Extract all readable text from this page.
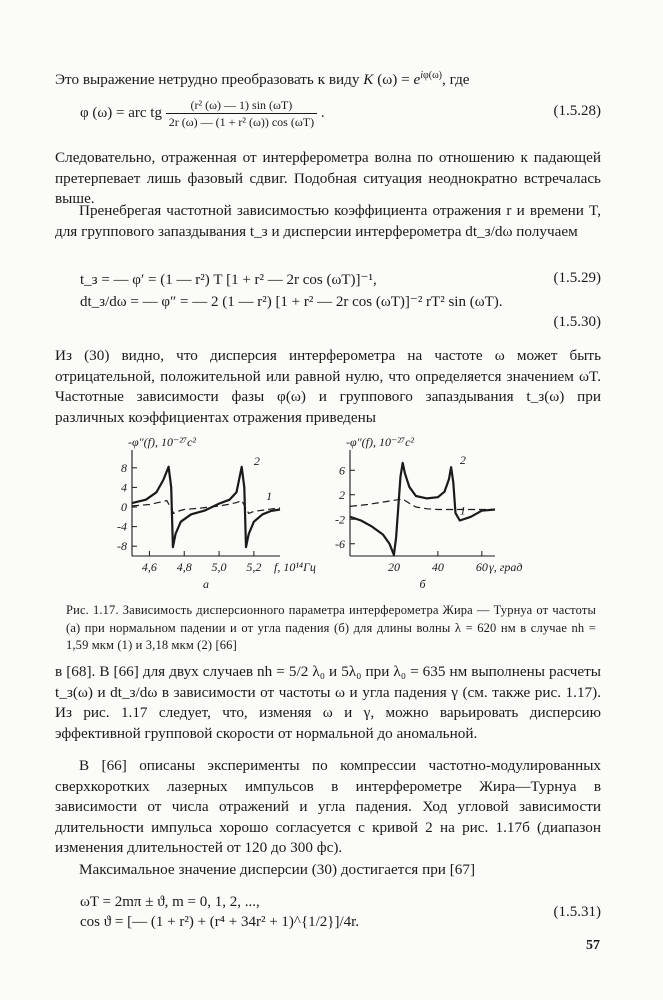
Это выражение нетрудно преобразовать к виду K $(\omega) = e^{i\varphi(\omega)}$, где
φ (ω) = arc tg $\frac{\text{(r² (ω) — 1) sin (ωT)}}{\text{2r (ω) — (1 + r² (ω)) cos (ωT)}}$ .	(1.5.28)
Следовательно, отраженная от интерферометра волна по отношению к падающей претерпевает лишь фазовый сдвиг. Подобная ситуация неоднократно встречалась выше.
Пренебрегая частотной зависимостью коэффициента отражения r и времени T, для группового запаздывания t_з и дисперсии интерферометра dt_з/dω получаем
t_з = — φ′ = (1 — r²) T [1 + r² — 2r cos (ωT)]⁻¹,	(1.5.29)
dt_з/dω = — φ″ = — 2 (1 — r²) [1 + r² — 2r cos (ωT)]⁻² rT² sin (ωT).
(1.5.30)
Из (30) видно, что дисперсия интерферометра на частоте ω может быть отрицательной, положительной или равной нулю, что определяется значением ωT. Частотные зависимости фазы φ(ω) и группового запаздывания t_з(ω) при различных коэффициентах отражения приведены
-φ″(f), 10⁻²⁷c²
8
4
0
-4
-8
4,6 4,8 5,0 5,2 f, 10¹⁴Гц
1
2
а
-φ″(f), 10⁻²⁷c²
6
2
-2
-6
20	40	60 γ, град
1
2
б
Рис. 1.17. Зависимость дисперсионного параметра интерферометра Жира — Турнуа от частоты (а) при нормальном падении и от угла падения (б) для длины волны λ = 620 нм в случае nh = 1,59 мкм (1) и 3,18 мкм (2) [66]
в [68]. В [66] для двух случаев nh = 5/2 λ₀ и 5λ₀ при λ₀ = 635 нм выполнены расчеты t_з(ω) и dt_з/dω в зависимости от частоты ω и угла падения γ (см. также рис. 1.17). Из рис. 1.17 следует, что, изменяя ω и γ, можно варьировать дисперсию эффективной групповой скорости от нормальной до аномальной.
В [66] описаны эксперименты по компрессии частотно-модулированных сверхкоротких лазерных импульсов в интерферометре Жира—Турнуа в зависимости от числа отражений и угла падения. Ход угловой зависимости длительности импульса хорошо согласуется с кривой 2 на рис. 1.17б (диапазон изменения длительностей от 120 до 300 фс).
Максимальное значение дисперсии (30) достигается при [67]
ωT = 2mπ ± ϑ, m = 0, 1, 2, ...,
cos ϑ = [— (1 + r²) + (r⁴ + 34r² + 1)^{1/2}]/4r.
(1.5.31)
57
